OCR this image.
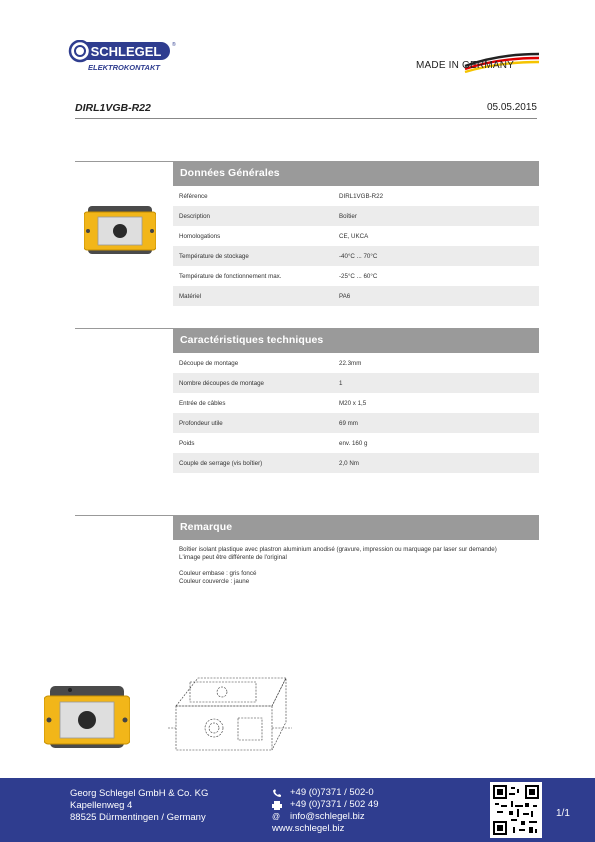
SCHLEGEL
ELEKTROKONTAKT
®
MADE IN GERMANY
DIRL1VGB-R22	05.05.2015
Données Générales
Référence	DIRL1VGB-R22
Description	Boîtier
Homologations	CE, UKCA
Température de stockage	-40°C ... 70°C
Température de fonctionnement max.	-25°C ... 60°C
Matériel	PA6
Caractéristiques techniques
Découpe de montage	22.3mm
Nombre découpes de montage	1
Entrée de câbles	M20 x 1,5
Profondeur utile	69 mm
Poids	env. 160 g
Couple de serrage (vis boîtier)	2,0 Nm
Remarque

Boîtier isolant plastique avec plastron aluminium anodisé (gravure, impression ou marquage par laser sur demande)
L'image peut être différente de l'original

Couleur embase : gris foncé
Couleur couvercle : jaune

Georg Schlegel GmbH & Co. KG
Kapellenweg 4
88525 Dürmentingen / Germany
+49 (0)7371 / 502-0
+49 (0)7371 / 502 49
@	info@schlegel.biz
www.schlegel.biz
1/1
